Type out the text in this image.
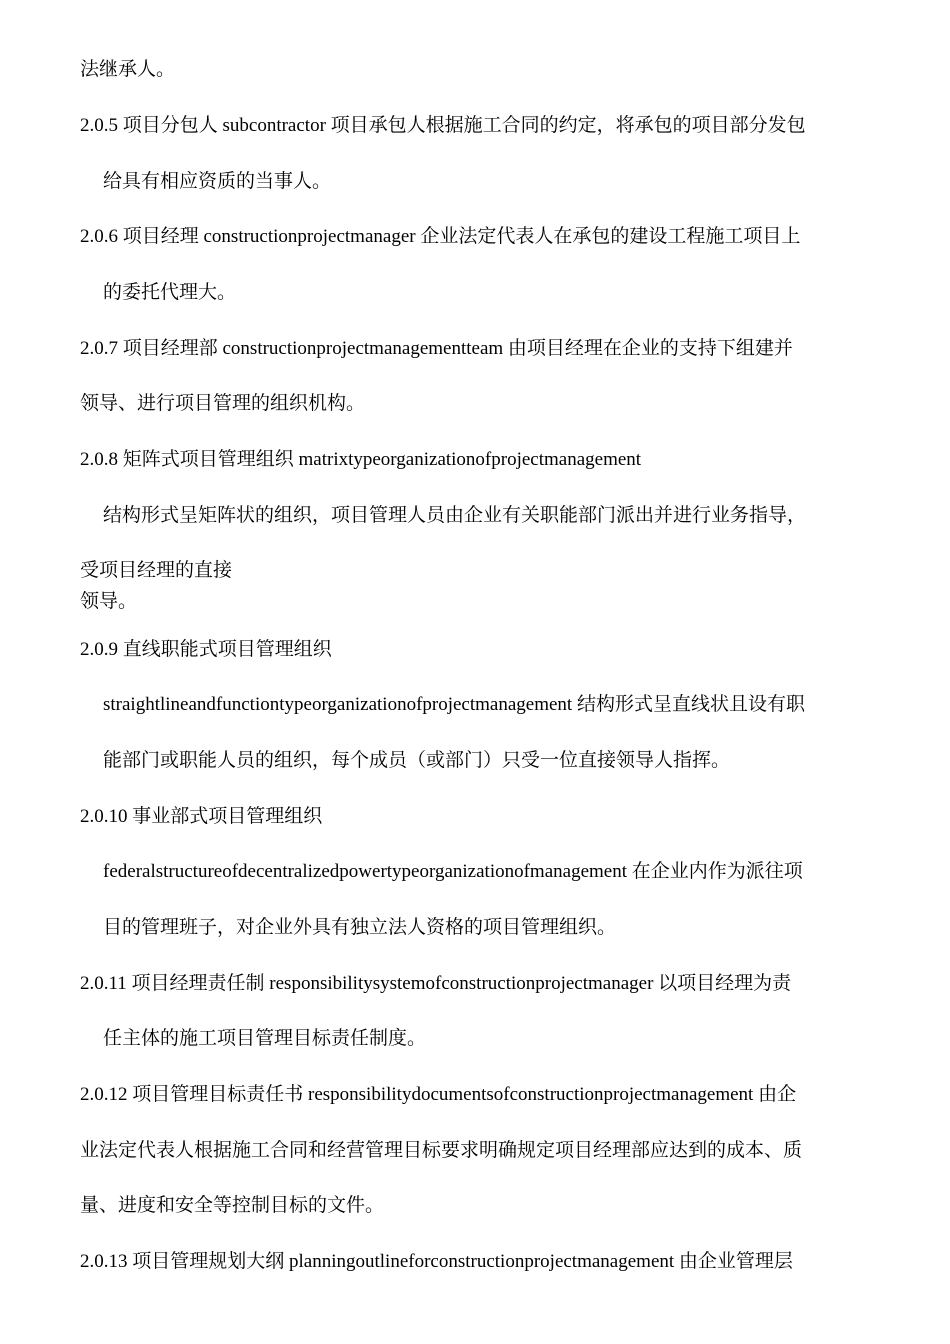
法继承人。
2.0.5 项目分包人 subcontractor 项目承包人根据施工合同的约定，将承包的项目部分发包
给具有相应资质的当事人。
2.0.6 项目经理 constructionprojectmanager 企业法定代表人在承包的建设工程施工项目上
的委托代理大。
2.0.7 项目经理部 constructionprojectmanagementteam 由项目经理在企业的支持下组建并
领导、进行项目管理的组织机构。
2.0.8 矩阵式项目管理组织 matrixtypeorganizationofprojectmanagement
结构形式呈矩阵状的组织，项目管理人员由企业有关职能部门派出并进行业务指导，
受项目经理的直接
领导。
2.0.9 直线职能式项目管理组织
straightlineandfunctiontypeorganizationofprojectmanagement 结构形式呈直线状且设有职
能部门或职能人员的组织，每个成员（或部门）只受一位直接领导人指挥。
2.0.10 事业部式项目管理组织
federalstructureofdecentralizedpowertypeorganizationofmanagement 在企业内作为派往项
目的管理班子，对企业外具有独立法人资格的项目管理组织。
2.0.11 项目经理责任制 responsibilitysystemofconstructionprojectmanager 以项目经理为责
任主体的施工项目管理目标责任制度。
2.0.12 项目管理目标责任书 responsibilitydocumentsofconstructionprojectmanagement 由企
业法定代表人根据施工合同和经营管理目标要求明确规定项目经理部应达到的成本、质
量、进度和安全等控制目标的文件。
2.0.13 项目管理规划大纲 planningoutlineforconstructionprojectmanagement 由企业管理层
